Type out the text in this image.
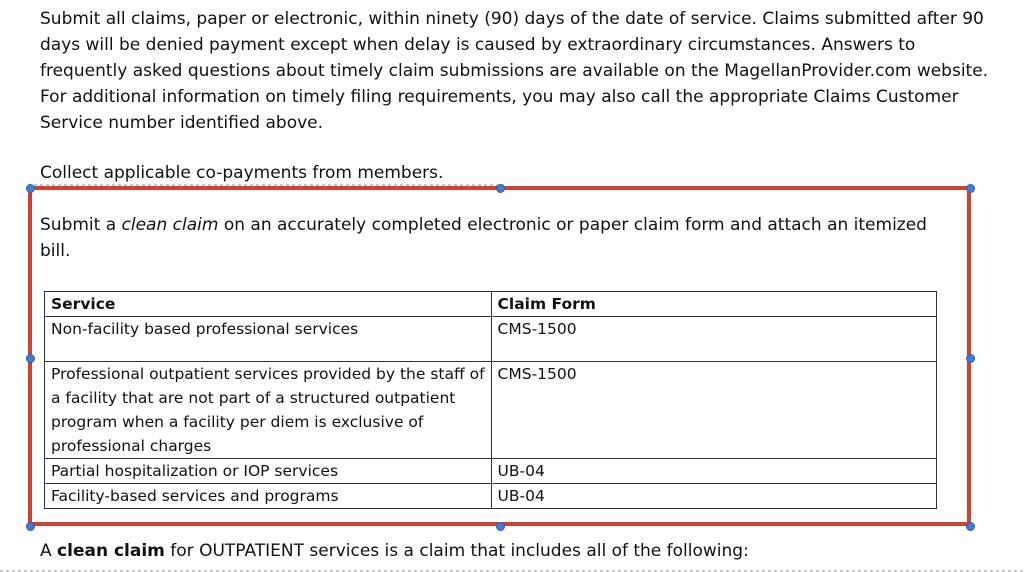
Submit all claims, paper or electronic, within ninety (90) days of the date of service. Claims submitted after 90 days will be denied payment except when delay is caused by extraordinary circumstances. Answers to frequently asked questions about timely claim submissions are available on the MagellanProvider.com website. For additional information on timely filing requirements, you may also call the appropriate Claims Customer Service number identified above.

Collect applicable co-payments from members.

Submit a clean claim on an accurately completed electronic or paper claim form and attach an itemized bill.

Service	Claim Form
Non-facility based professional services	CMS-1500
Professional outpatient services provided by the staff of a facility that are not part of a structured outpatient program when a facility per diem is exclusive of professional charges	CMS-1500
Partial hospitalization or IOP services	UB-04
Facility-based services and programs	UB-04

A clean claim for OUTPATIENT services is a claim that includes all of the following:
